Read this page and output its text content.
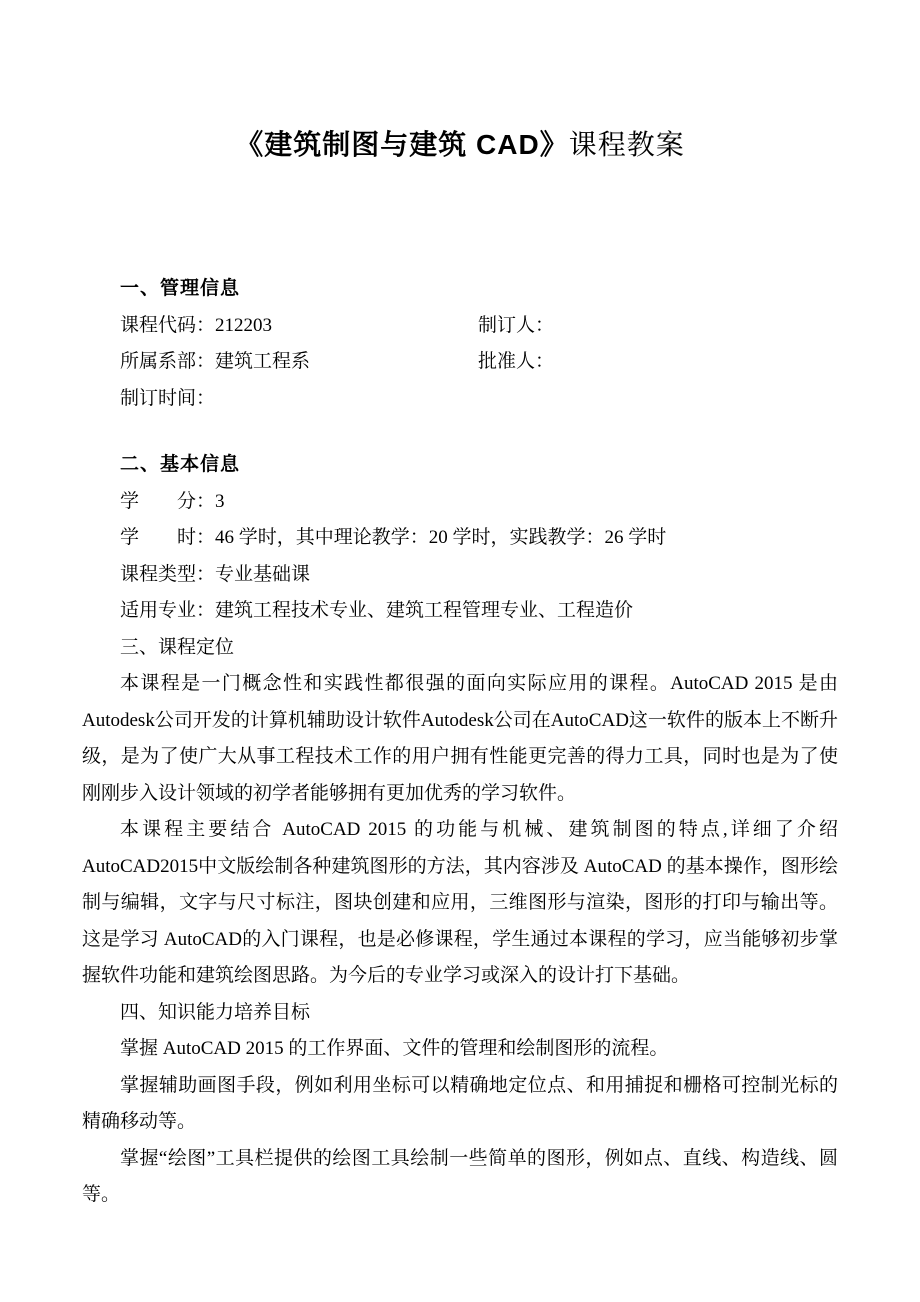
《建筑制图与建筑 CAD》课程教案

一、管理信息

课程代码：212203	制订人：
所属系部：建筑工程系	批准人：
制订时间：

二、基本信息

学　　分：3

学　　时：46 学时，其中理论教学：20 学时，实践教学：26 学时

课程类型：专业基础课

适用专业：建筑工程技术专业、建筑工程管理专业、工程造价

三、课程定位

本课程是一门概念性和实践性都很强的面向实际应用的课程。AutoCAD 2015 是由Autodesk公司开发的计算机辅助设计软件Autodesk公司在AutoCAD这一软件的版本上不断升级，是为了使广大从事工程技术工作的用户拥有性能更完善的得力工具，同时也是为了使刚刚步入设计领域的初学者能够拥有更加优秀的学习软件。

本课程主要结合 AutoCAD 2015 的功能与机械、建筑制图的特点,详细了介绍 AutoCAD2015中文版绘制各种建筑图形的方法，其内容涉及 AutoCAD 的基本操作，图形绘制与编辑，文字与尺寸标注，图块创建和应用，三维图形与渲染，图形的打印与输出等。这是学习 AutoCAD的入门课程，也是必修课程，学生通过本课程的学习，应当能够初步掌握软件功能和建筑绘图思路。为今后的专业学习或深入的设计打下基础。

四、知识能力培养目标

掌握 AutoCAD 2015 的工作界面、文件的管理和绘制图形的流程。

掌握辅助画图手段，例如利用坐标可以精确地定位点、和用捕捉和栅格可控制光标的精确移动等。

掌握“绘图”工具栏提供的绘图工具绘制一些简单的图形，例如点、直线、构造线、圆等。
